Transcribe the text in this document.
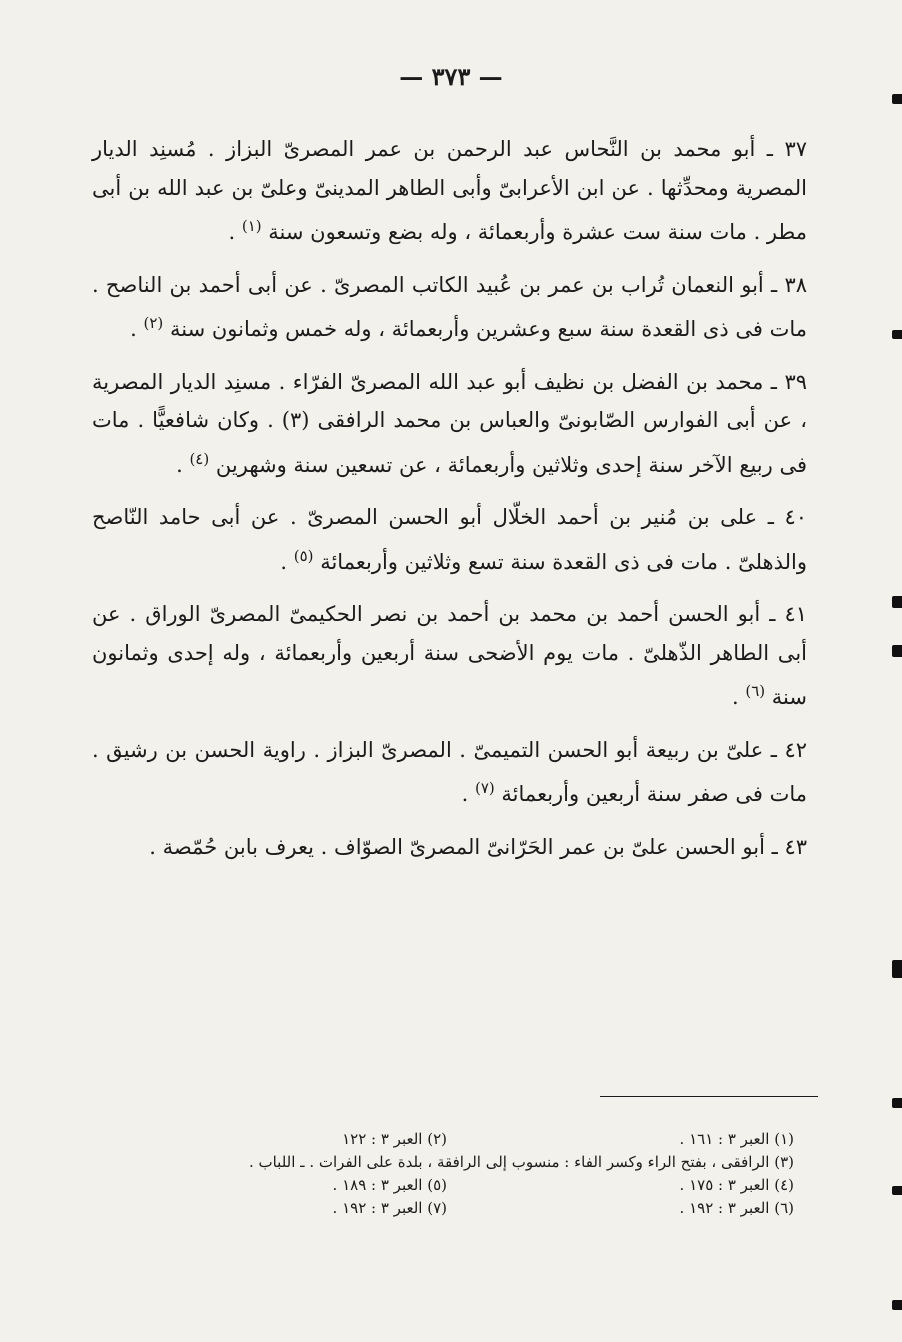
— ٣٧٣ —

٣٧ ـ أبو محمد بن النَّحاس عبد الرحمن بن عمر المصرىّ البزاز . مُسنِد الديار المصرية ومحدِّثها . عن ابن الأعرابىّ وأبى الطاهر المدينىّ وعلىّ بن عبد الله بن أبى مطر . مات سنة ست عشرة وأربعمائة ، وله بضع وتسعون سنة $^{(١)}$ .

٣٨ ـ أبو النعمان تُراب بن عمر بن عُبيد الكاتب المصرىّ . عن أبى أحمد بن الناصح . مات فى ذى القعدة سنة سبع وعشرين وأربعمائة ، وله خمس وثمانون سنة $^{(٢)}$ .

٣٩ ـ محمد بن الفضل بن نظيف أبو عبد الله المصرىّ الفرّاء . مسنِد الديار المصرية ، عن أبى الفوارس الصّابونىّ والعباس بن محمد الرافقى (٣) . وكان شافعيًّا . مات فى ربيع الآخر سنة إحدى وثلاثين وأربعمائة ، عن تسعين سنة وشهرين $^{(٤)}$ .

٤٠ ـ على بن مُنير بن أحمد الخلّال أبو الحسن المصرىّ . عن أبى حامد النّاصح والذهلىّ . مات فى ذى القعدة سنة تسع وثلاثين وأربعمائة $^{(٥)}$ .

٤١ ـ أبو الحسن أحمد بن محمد بن أحمد بن نصر الحكيمىّ المصرىّ الوراق . عن أبى الطاهر الذّهلىّ . مات يوم الأضحى سنة أربعين وأربعمائة ، وله إحدى وثمانون سنة $^{(٦)}$ .

٤٢ ـ علىّ بن ربيعة أبو الحسن التميمىّ . المصرىّ البزاز . راوية الحسن بن رشيق . مات فى صفر سنة أربعين وأربعمائة $^{(٧)}$ .

٤٣ ـ أبو الحسن علىّ بن عمر الحَرّانىّ المصرىّ الصوّاف . يعرف بابن حُمّصة .

(١) العبر ٣ : ١٦١ .
(٢) العبر ٣ : ١٢٢
(٣) الرافقى ، بفتح الراء وكسر الفاء : منسوب إلى الرافقة ، بلدة على الفرات . ـ اللباب .
(٤) العبر ٣ : ١٧٥ .
(٥) العبر ٣ : ١٨٩ .
(٦) العبر ٣ : ١٩٢ .
(٧) العبر ٣ : ١٩٢ .
